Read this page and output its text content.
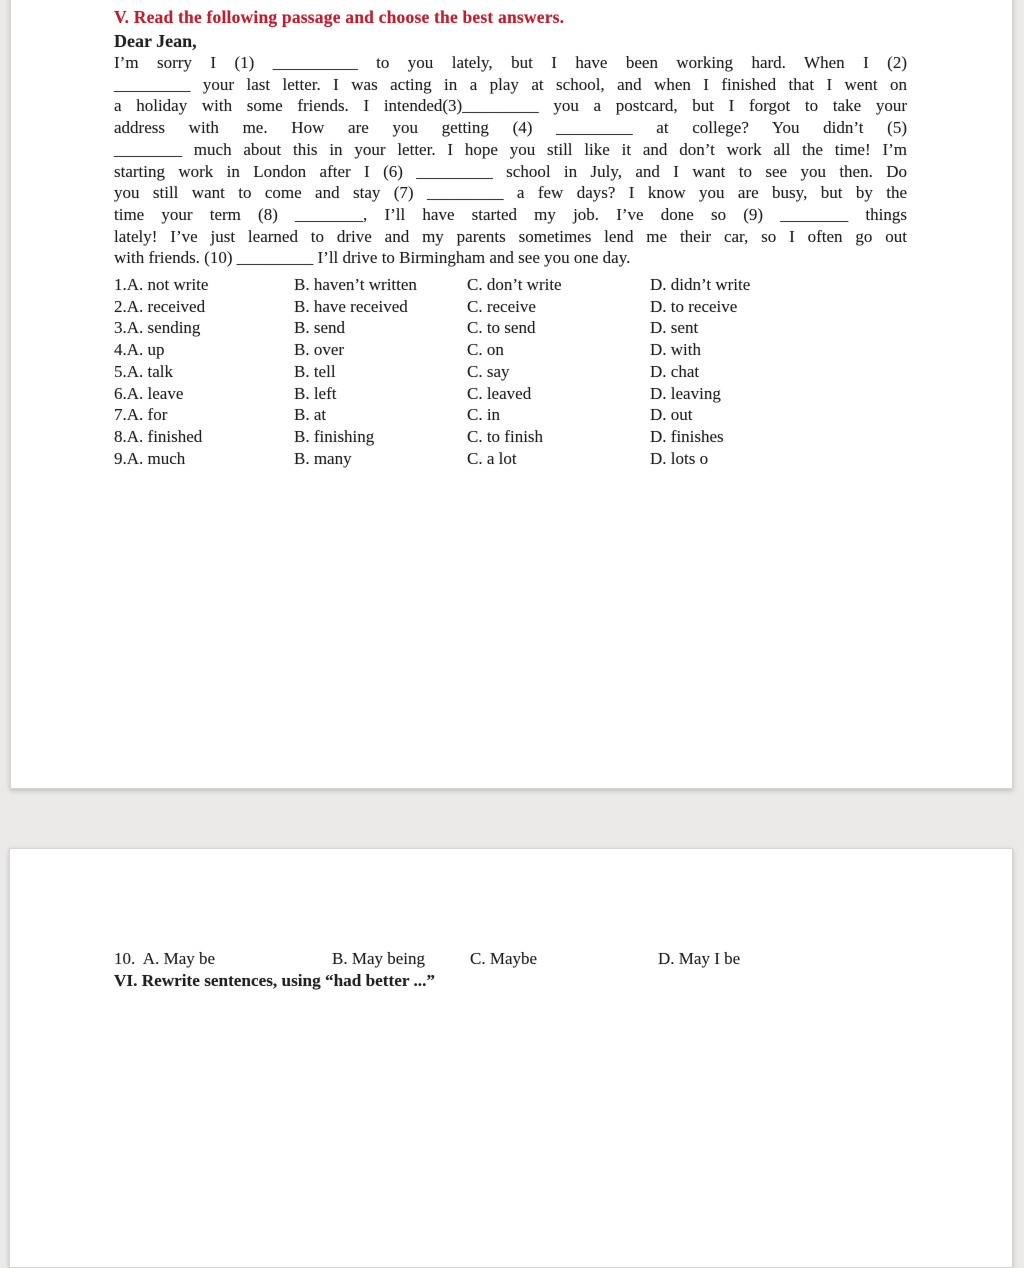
V. Read the following passage and choose the best answers.
Dear Jean,
I’m sorry I (1) __________ to you lately, but I have been working hard. When I (2)
_________ your last letter. I was acting in a play at school, and when I finished that I went on
a holiday with some friends. I intended(3)_________ you a postcard, but I forgot to take your
address with me. How are you getting (4) _________ at college? You didn’t (5)
________ much about this in your letter. I hope you still like it and don’t work all the time! I’m
starting work in London after I (6) _________ school in July, and I want to see you then. Do
you still want to come and stay (7) _________ a few days? I know you are busy, but by the
time your term (8) ________, I’ll have started my job. I’ve done so (9) ________ things
lately! I’ve just learned to drive and my parents sometimes lend me their car, so I often go out
with friends. (10) _________ I’ll drive to Birmingham and see you one day.
1.A. not write	B. haven’t written	C. don’t write	D. didn’t write
2.A. received	B. have received	C. receive	D. to receive
3.A. sending	B. send	C. to send	D. sent
4.A. up	B. over	C. on	D. with
5.A. talk	B. tell	C. say	D. chat
6.A. leave	B. left	C. leaved	D. leaving
7.A. for	B. at	C. in	D. out
8.A. finished	B. finishing	C. to finish	D. finishes
9.A. much	B. many	C. a lot	D. lots o
10.  A. May be	B. May being	C. Maybe	D. May I be
VI. Rewrite sentences, using “had better ...”
